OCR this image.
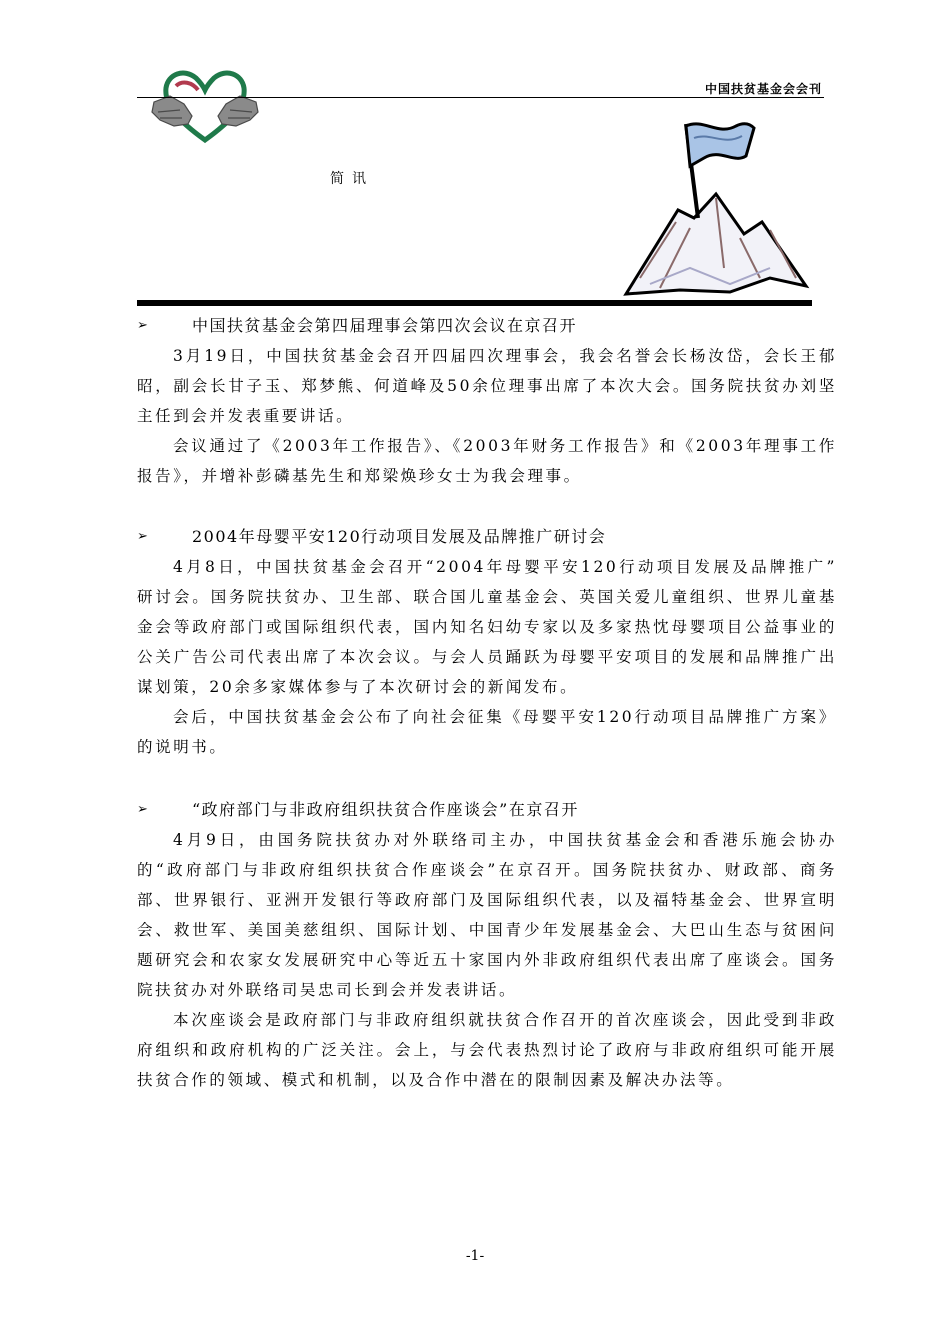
中国扶贫基金会会刊
简讯
➢	中国扶贫基金会第四届理事会第四次会议在京召开

3月19日，中国扶贫基金会召开四届四次理事会，我会名誉会长杨汝岱，会长王郁昭，副会长甘子玉、郑梦熊、何道峰及50余位理事出席了本次大会。国务院扶贫办刘坚主任到会并发表重要讲话。

会议通过了《2003年工作报告》、《2003年财务工作报告》和《2003年理事工作报告》，并增补彭磷基先生和郑梁焕珍女士为我会理事。

➢	2004年母婴平安120行动项目发展及品牌推广研讨会

4月8日，中国扶贫基金会召开“2004年母婴平安120行动项目发展及品牌推广” 研讨会。国务院扶贫办、卫生部、联合国儿童基金会、英国关爱儿童组织、世界儿童基金会等政府部门或国际组织代表，国内知名妇幼专家以及多家热忱母婴项目公益事业的公关广告公司代表出席了本次会议。与会人员踊跃为母婴平安项目的发展和品牌推广出谋划策，20余多家媒体参与了本次研讨会的新闻发布。

会后，中国扶贫基金会公布了向社会征集《母婴平安120行动项目品牌推广方案》的说明书。

➢	“政府部门与非政府组织扶贫合作座谈会”在京召开

4月9日，由国务院扶贫办对外联络司主办，中国扶贫基金会和香港乐施会协办的“政府部门与非政府组织扶贫合作座谈会”在京召开。国务院扶贫办、财政部、商务部、世界银行、亚洲开发银行等政府部门及国际组织代表，以及福特基金会、世界宣明会、救世军、美国美慈组织、国际计划、中国青少年发展基金会、大巴山生态与贫困问题研究会和农家女发展研究中心等近五十家国内外非政府组织代表出席了座谈会。国务院扶贫办对外联络司吴忠司长到会并发表讲话。

本次座谈会是政府部门与非政府组织就扶贫合作召开的首次座谈会，因此受到非政府组织和政府机构的广泛关注。会上，与会代表热烈讨论了政府与非政府组织可能开展扶贫合作的领域、模式和机制，以及合作中潜在的限制因素及解决办法等。

-1-
